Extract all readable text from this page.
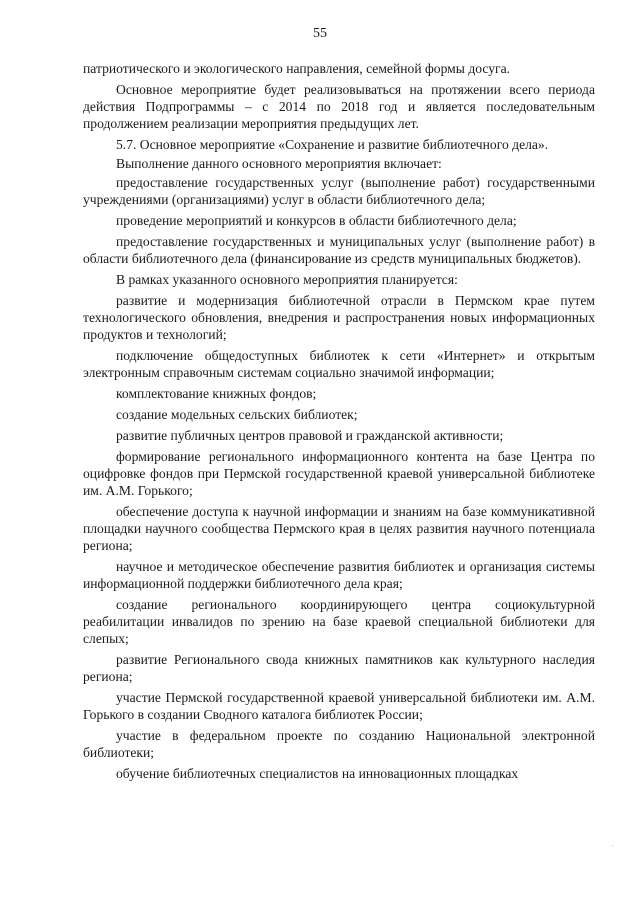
55

патриотического и экологического направления, семейной формы досуга.

Основное мероприятие будет реализовываться на протяжении всего периода действия Подпрограммы – с 2014 по 2018 год и является последовательным продолжением реализации мероприятия предыдущих лет.

5.7. Основное мероприятие «Сохранение и развитие библиотечного дела».

Выполнение данного основного мероприятия включает:

предоставление государственных услуг (выполнение работ) государственными учреждениями (организациями) услуг в области библиотечного дела;

проведение мероприятий и конкурсов в области библиотечного дела;

предоставление государственных и муниципальных услуг (выполнение работ) в области библиотечного дела (финансирование из средств муниципальных бюджетов).

В рамках указанного основного мероприятия планируется:

развитие и модернизация библиотечной отрасли в Пермском крае путем технологического обновления, внедрения и распространения новых информационных продуктов и технологий;

подключение общедоступных библиотек к сети «Интернет» и открытым электронным справочным системам социально значимой информации;

комплектование книжных фондов;

создание модельных сельских библиотек;

развитие публичных центров правовой и гражданской активности;

формирование регионального информационного контента на базе Центра по оцифровке фондов при Пермской государственной краевой универсальной библиотеке им. А.М. Горького;

обеспечение доступа к научной информации и знаниям на базе коммуникативной площадки научного сообщества Пермского края в целях развития научного потенциала региона;

научное и методическое обеспечение развития библиотек и организация системы информационной поддержки библиотечного дела края;

создание регионального координирующего центра социокультурной реабилитации инвалидов по зрению на базе краевой специальной библиотеки для слепых;

развитие Регионального свода книжных памятников как культурного наследия региона;

участие Пермской государственной краевой универсальной библиотеки им. А.М. Горького в создании Сводного каталога библиотек России;

участие в федеральном проекте по созданию Национальной электронной библиотеки;

обучение библиотечных специалистов на инновационных площадках
